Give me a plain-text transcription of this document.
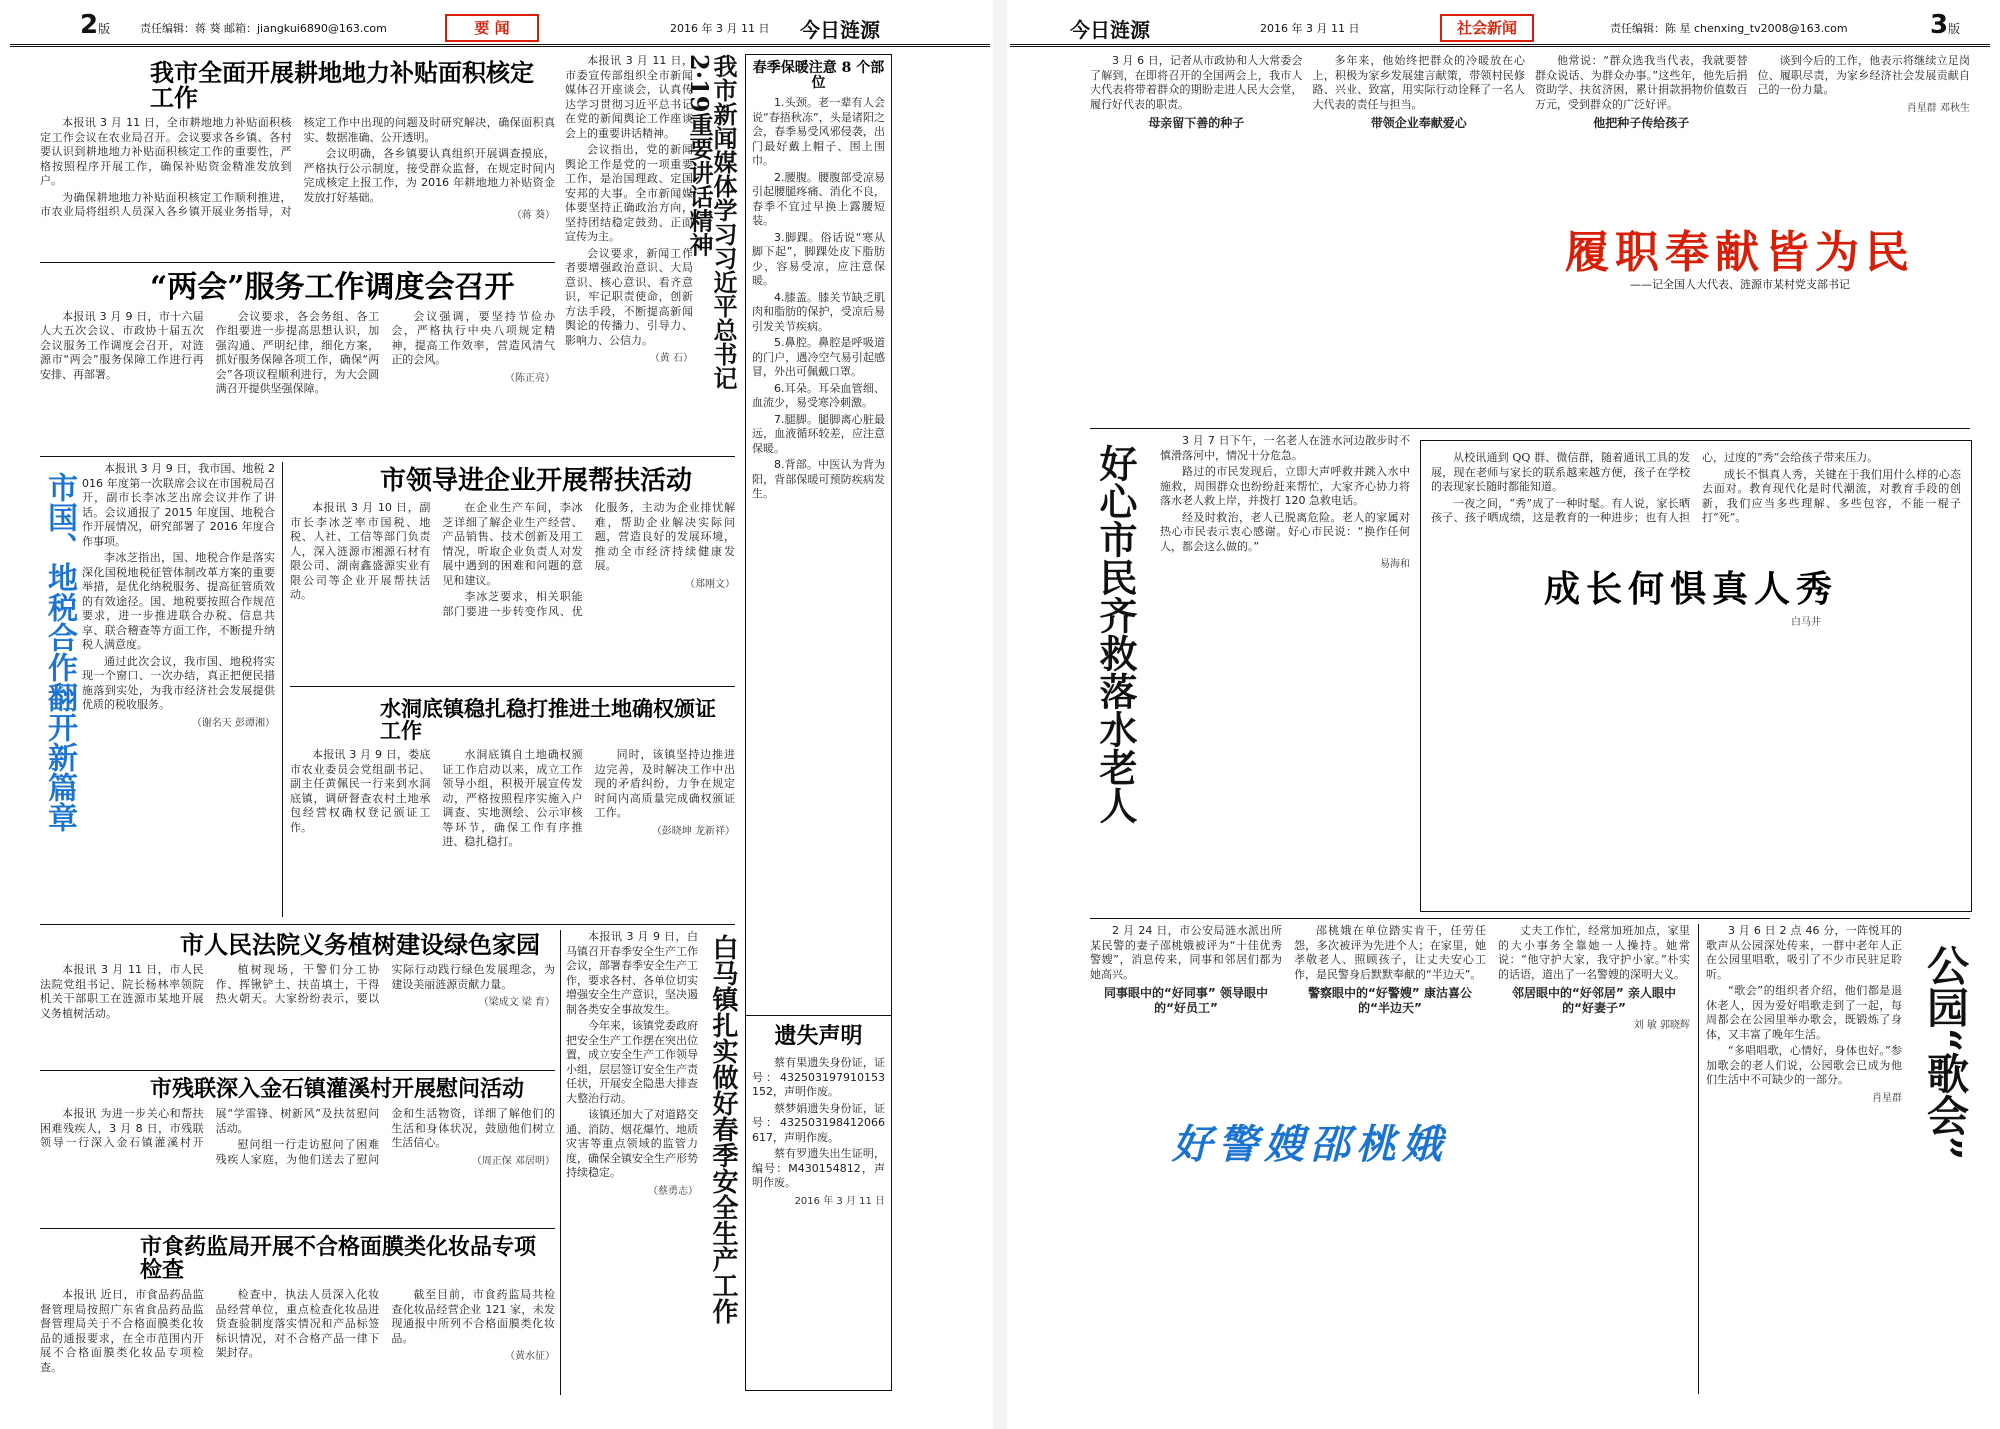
2版	责任编辑：蒋 葵 邮箱：jiangkui6890@163.com	要 闻	2016 年 3 月 11 日 今日涟源
我市全面开展耕地地力补贴面积核定工作

本报讯 3 月 11 日，全市耕地地力补贴面积核定工作会议在农业局召开。会议要求各乡镇、各村要认识到耕地地力补贴面积核定工作的重要性，严格按照程序开展工作，确保补贴资金精准发放到户。

为确保耕地地力补贴面积核定工作顺利推进，市农业局将组织人员深入各乡镇开展业务指导，对核定工作中出现的问题及时研究解决，确保面积真实、数据准确、公开透明。

会议明确，各乡镇要认真组织开展调查摸底，严格执行公示制度，接受群众监督，在规定时间内完成核定上报工作，为 2016 年耕地地力补贴资金发放打好基础。

（蒋 葵）	我市新闻媒体学习习近平总书记2·19重要讲话精神

本报讯 3 月 11 日，市委宣传部组织全市新闻媒体召开座谈会，认真传达学习贯彻习近平总书记在党的新闻舆论工作座谈会上的重要讲话精神。

会议指出，党的新闻舆论工作是党的一项重要工作，是治国理政、定国安邦的大事。全市新闻媒体要坚持正确政治方向，坚持团结稳定鼓劲、正面宣传为主。

会议要求，新闻工作者要增强政治意识、大局意识、核心意识、看齐意识，牢记职责使命，创新方法手段，不断提高新闻舆论的传播力、引导力、影响力、公信力。

（黄 石）
“两会”服务工作调度会召开

本报讯 3 月 9 日，市十六届人大五次会议、市政协十届五次会议服务工作调度会召开，对涟源市“两会”服务保障工作进行再安排、再部署。

会议要求，各会务组、各工作组要进一步提高思想认识，加强沟通、严明纪律，细化方案，抓好服务保障各项工作，确保“两会”各项议程顺利进行，为大会圆满召开提供坚强保障。

会议强调，要坚持节俭办会，严格执行中央八项规定精神，提高工作效率，营造风清气正的会风。

（陈正亮）
春季保暖注意 8 个部位

1.头颈。老一辈有人会说“春捂秋冻”，头是诸阳之会，春季易受风邪侵袭，出门最好戴上帽子、围上围巾。

2.腰腹。腰腹部受凉易引起腰腿疼痛、消化不良，春季不宜过早换上露腰短装。

3.脚踝。俗话说“寒从脚下起”，脚踝处皮下脂肪少，容易受凉，应注意保暖。

4.膝盖。膝关节缺乏肌肉和脂肪的保护，受凉后易引发关节疾病。

5.鼻腔。鼻腔是呼吸道的门户，遇冷空气易引起感冒，外出可佩戴口罩。

6.耳朵。耳朵血管细、血流少，易受寒冷刺激。

7.腿脚。腿脚离心脏最远，血液循环较差，应注意保暖。

8.背部。中医认为背为阳，背部保暖可预防疾病发生。

遗失声明

蔡有果遗失身份证，证号：432503197910153152，声明作废。

蔡梦娟遗失身份证，证号：432503198412066617，声明作废。

蔡有罗遗失出生证明，编号：M430154812，声明作废。

2016 年 3 月 11 日
市国、地税合作翻开新篇章

本报讯 3 月 9 日，我市国、地税 2016 年度第一次联席会议在市国税局召开，副市长李冰芝出席会议并作了讲话。会议通报了 2015 年度国、地税合作开展情况，研究部署了 2016 年度合作事项。

李冰芝指出，国、地税合作是落实深化国税地税征管体制改革方案的重要举措，是优化纳税服务、提高征管质效的有效途径。国、地税要按照合作规范要求，进一步推进联合办税、信息共享、联合稽查等方面工作，不断提升纳税人满意度。

通过此次会议，我市国、地税将实现一个窗口、一次办结，真正把便民措施落到实处，为我市经济社会发展提供优质的税收服务。

（谢名天 彭谭湘）
市领导进企业开展帮扶活动

本报讯 3 月 10 日，副市长李冰芝率市国税、地税、人社、工信等部门负责人，深入涟源市湘源石材有限公司、湖南鑫盛源实业有限公司等企业开展帮扶活动。

在企业生产车间，李冰芝详细了解企业生产经营、产品销售、技术创新及用工情况，听取企业负责人对发展中遇到的困难和问题的意见和建议。

李冰芝要求，相关职能部门要进一步转变作风、优化服务，主动为企业排忧解难，帮助企业解决实际问题，营造良好的发展环境，推动全市经济持续健康发展。

（郑刚文）
水洞底镇稳扎稳打推进土地确权颁证工作

本报讯 3 月 9 日，娄底市农业委员会党组副书记、副主任黄佩民一行来到水洞底镇，调研督查农村土地承包经营权确权登记颁证工作。

水洞底镇自土地确权颁证工作启动以来，成立工作领导小组，积极开展宣传发动，严格按照程序实施入户调查、实地测绘、公示审核等环节，确保工作有序推进、稳扎稳打。

同时，该镇坚持边推进边完善，及时解决工作中出现的矛盾纠纷，力争在规定时间内高质量完成确权颁证工作。

（彭晓坤 龙新祥）
市人民法院义务植树建设绿色家园

本报讯 3 月 11 日，市人民法院党组书记、院长杨林率领院机关干部职工在涟源市某地开展义务植树活动。

植树现场，干警们分工协作、挥锹铲土、扶苗填土，干得热火朝天。大家纷纷表示，要以实际行动践行绿色发展理念，为建设美丽涟源贡献力量。

（梁成文 梁 育）
市残联深入金石镇灌溪村开展慰问活动

本报讯 为进一步关心和帮扶困难残疾人，3 月 8 日，市残联领导一行深入金石镇灌溪村开展“学雷锋、树新风”及扶贫慰问活动。

慰问组一行走访慰问了困难残疾人家庭，为他们送去了慰问金和生活物资，详细了解他们的生活和身体状况，鼓励他们树立生活信心。

（周正保 邓居明）
市食药监局开展不合格面膜类化妆品专项检查

本报讯 近日，市食品药品监督管理局按照广东省食品药品监督管理局关于不合格面膜类化妆品的通报要求，在全市范围内开展不合格面膜类化妆品专项检查。

检查中，执法人员深入化妆品经营单位，重点检查化妆品进货查验制度落实情况和产品标签标识情况，对不合格产品一律下架封存。

截至目前，市食药监局共检查化妆品经营企业 121 家，未发现通报中所列不合格面膜类化妆品。

（黄水征）
白马镇扎实做好春季安全生产工作

本报讯 3 月 9 日，白马镇召开春季安全生产工作会议，部署春季安全生产工作，要求各村、各单位切实增强安全生产意识，坚决遏制各类安全事故发生。

今年来，该镇党委政府把安全生产工作摆在突出位置，成立安全生产工作领导小组，层层签订安全生产责任状，开展安全隐患大排查大整治行动。

该镇还加大了对道路交通、消防、烟花爆竹、地质灾害等重点领域的监管力度，确保全镇安全生产形势持续稳定。

（蔡勇志）
今日涟源	2016 年 3 月 11 日	社会新闻	责任编辑：陈 星 chenxing_tv2008@163.com	3版

3 月 6 日，记者从市政协和人大常委会了解到，在即将召开的全国两会上，我市人大代表将带着群众的期盼走进人民大会堂，履行好代表的职责。

母亲留下善的种子

多年来，他始终把群众的冷暖放在心上，积极为家乡发展建言献策，带领村民修路、兴业、致富，用实际行动诠释了一名人大代表的责任与担当。

带领企业奉献爱心

他常说：“群众选我当代表，我就要替群众说话、为群众办事。”这些年，他先后捐资助学、扶贫济困，累计捐款捐物价值数百万元，受到群众的广泛好评。

他把种子传给孩子

谈到今后的工作，他表示将继续立足岗位、履职尽责，为家乡经济社会发展贡献自己的一份力量。

肖星群 邓秋生
履职奉献皆为民
——记全国人大代表、涟源市某村党支部书记
好心市民齐救落水老人

3 月 7 日下午，一名老人在涟水河边散步时不慎滑落河中，情况十分危急。

路过的市民发现后，立即大声呼救并跳入水中施救，周围群众也纷纷赶来帮忙，大家齐心协力将落水老人救上岸，并拨打 120 急救电话。

经及时救治，老人已脱离危险。老人的家属对热心市民表示衷心感谢。好心市民说：“换作任何人，都会这么做的。”

易海和

从校讯通到 QQ 群、微信群，随着通讯工具的发展，现在老师与家长的联系越来越方便，孩子在学校的表现家长随时都能知道。

一夜之间，“秀”成了一种时髦。有人说，家长晒孩子、孩子晒成绩，这是教育的一种进步；也有人担心，过度的“秀”会给孩子带来压力。

成长不惧真人秀，关键在于我们用什么样的心态去面对。教育现代化是时代潮流，对教育手段的创新，我们应当多些理解、多些包容，不能一棍子打“死”。

成长何惧真人秀
白马井

2 月 24 日，市公安局涟水派出所某民警的妻子邵桃娥被评为“十佳优秀警嫂”，消息传来，同事和邻居们都为她高兴。

同事眼中的“好同事” 领导眼中的“好员工”

邵桃娥在单位踏实肯干，任劳任怨，多次被评为先进个人；在家里，她孝敬老人、照顾孩子，让丈夫安心工作，是民警身后默默奉献的“半边天”。

警察眼中的“好警嫂” 康沽喜公的“半边天”

丈夫工作忙，经常加班加点，家里的大小事务全靠她一人操持。她常说：“他守护大家，我守护小家。”朴实的话语，道出了一名警嫂的深明大义。

邻居眼中的“好邻居” 亲人眼中的“好妻子”
刘 敏 郭晓辉
好警嫂邵桃娥	公园“歌会”

3 月 6 日 2 点 46 分，一阵悦耳的歌声从公园深处传来，一群中老年人正在公园里唱歌，吸引了不少市民驻足聆听。

“歌会”的组织者介绍，他们都是退休老人，因为爱好唱歌走到了一起，每周都会在公园里举办歌会，既锻炼了身体，又丰富了晚年生活。

“多唱唱歌，心情好，身体也好。”参加歌会的老人们说，公园歌会已成为他们生活中不可缺少的一部分。

肖星群
